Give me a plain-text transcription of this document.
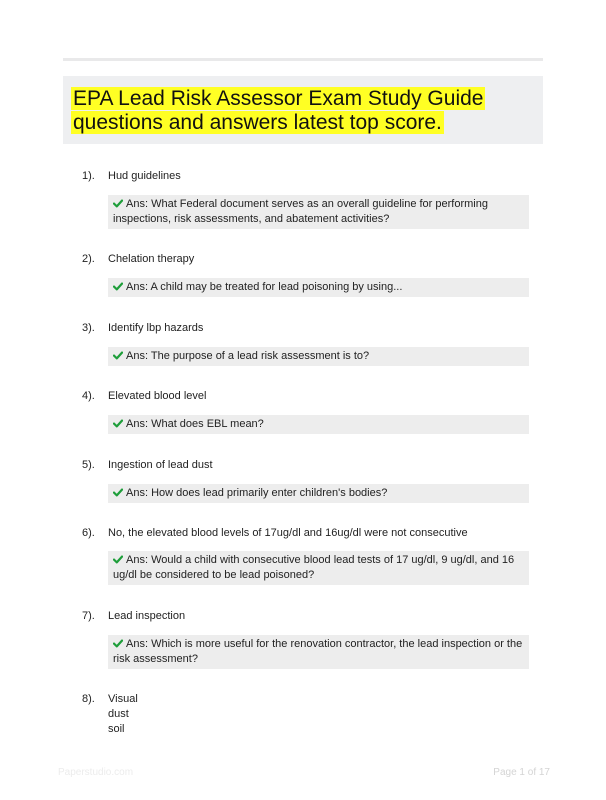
EPA Lead Risk Assessor Exam Study Guide questions and answers latest top score.
1). Hud guidelines
Ans: What Federal document serves as an overall guideline for performing inspections, risk assessments, and abatement activities?
2). Chelation therapy
Ans: A child may be treated for lead poisoning by using...
3). Identify lbp hazards
Ans: The purpose of a lead risk assessment is to?
4). Elevated blood level
Ans: What does EBL mean?
5). Ingestion of lead dust
Ans: How does lead primarily enter children's bodies?
6). No, the elevated blood levels of 17ug/dl and 16ug/dl were not consecutive
Ans: Would a child with consecutive blood lead tests of 17 ug/dl, 9 ug/dl, and 16 ug/dl be considered to be lead poisoned?
7). Lead inspection
Ans: Which is more useful for the renovation contractor, the lead inspection or the risk assessment?
8). Visual
dust
soil
Paperstudio.com	Page 1 of 17
